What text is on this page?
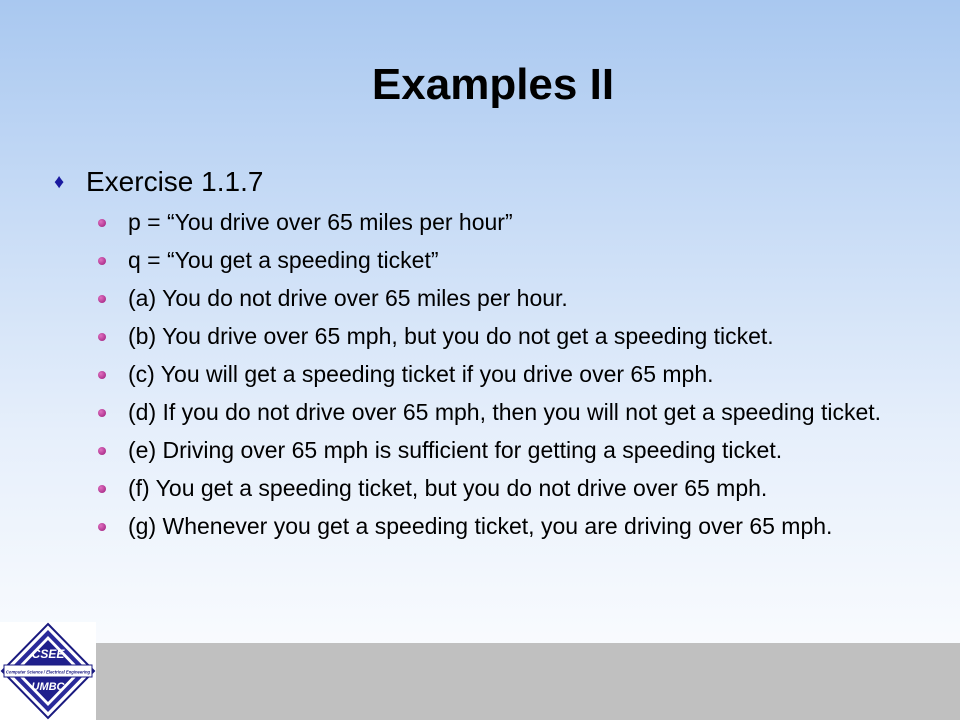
Examples II
♦ Exercise 1.1.7
p = “You drive over 65 miles per hour”
q = “You get a speeding ticket”
(a) You do not drive over 65 miles per hour.
(b) You drive over 65 mph, but you do not get a speeding ticket.
(c) You will get a speeding ticket if you drive over 65 mph.
(d) If you do not drive over 65 mph, then you will not get a speeding ticket.
(e) Driving over 65 mph is sufficient for getting a speeding ticket.
(f) You get a speeding ticket, but you do not drive over 65 mph.
(g) Whenever you get a speeding ticket, you are driving over 65 mph.
CSEE
Computer Science / Electrical Engineering
UMBC
